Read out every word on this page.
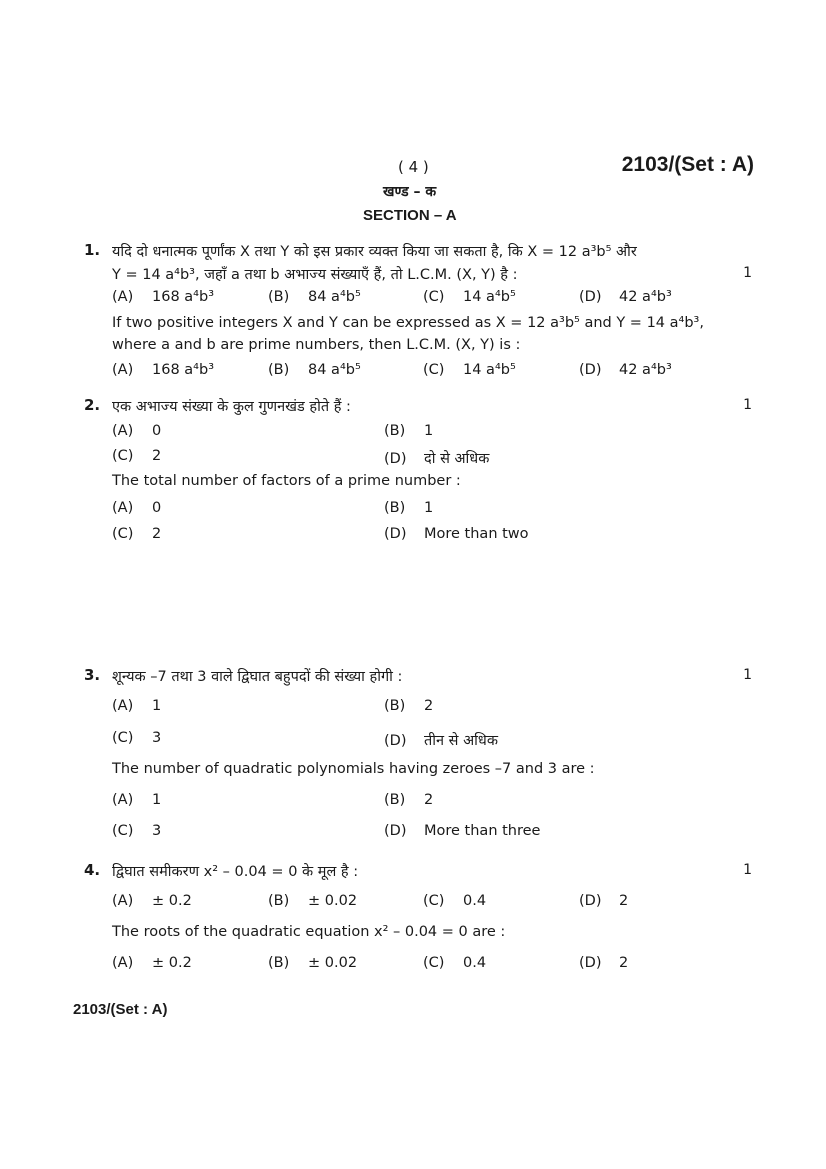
( 4 )	2103/(Set : A)
खण्ड – क
SECTION – A
1. यदि दो धनात्मक पूर्णांक X तथा Y को इस प्रकार व्यक्त किया जा सकता है, कि X = 12 a³b⁵ और
Y = 14 a⁴b³, जहाँ a तथा b अभाज्य संख्याएँ हैं, तो L.C.M. (X, Y) है :	1
(A) 168 a⁴b³	(B) 84 a⁴b⁵	(C) 14 a⁴b⁵	(D) 42 a⁴b³
If two positive integers X and Y can be expressed as X = 12 a³b⁵ and Y = 14 a⁴b³,
where a and b are prime numbers, then L.C.M. (X, Y) is :
(A) 168 a⁴b³	(B) 84 a⁴b⁵	(C) 14 a⁴b⁵	(D) 42 a⁴b³
2. एक अभाज्य संख्या के कुल गुणनखंड होते हैं :	1
(A) 0	(B) 1
(C) 2	(D) दो से अधिक
The total number of factors of a prime number :
(A) 0	(B) 1
(C) 2	(D) More than two
3. शून्यक –7 तथा 3 वाले द्विघात बहुपदों की संख्या होगी :	1
(A) 1	(B) 2
(C) 3	(D) तीन से अधिक
The number of quadratic polynomials having zeroes –7 and 3 are :
(A) 1	(B) 2
(C) 3	(D) More than three
4. द्विघात समीकरण x² – 0.04 = 0 के मूल है :	1
(A) ± 0.2	(B) ± 0.02	(C) 0.4	(D) 2
The roots of the quadratic equation x² – 0.04 = 0 are :
(A) ± 0.2	(B) ± 0.02	(C) 0.4	(D) 2
2103/(Set : A)
